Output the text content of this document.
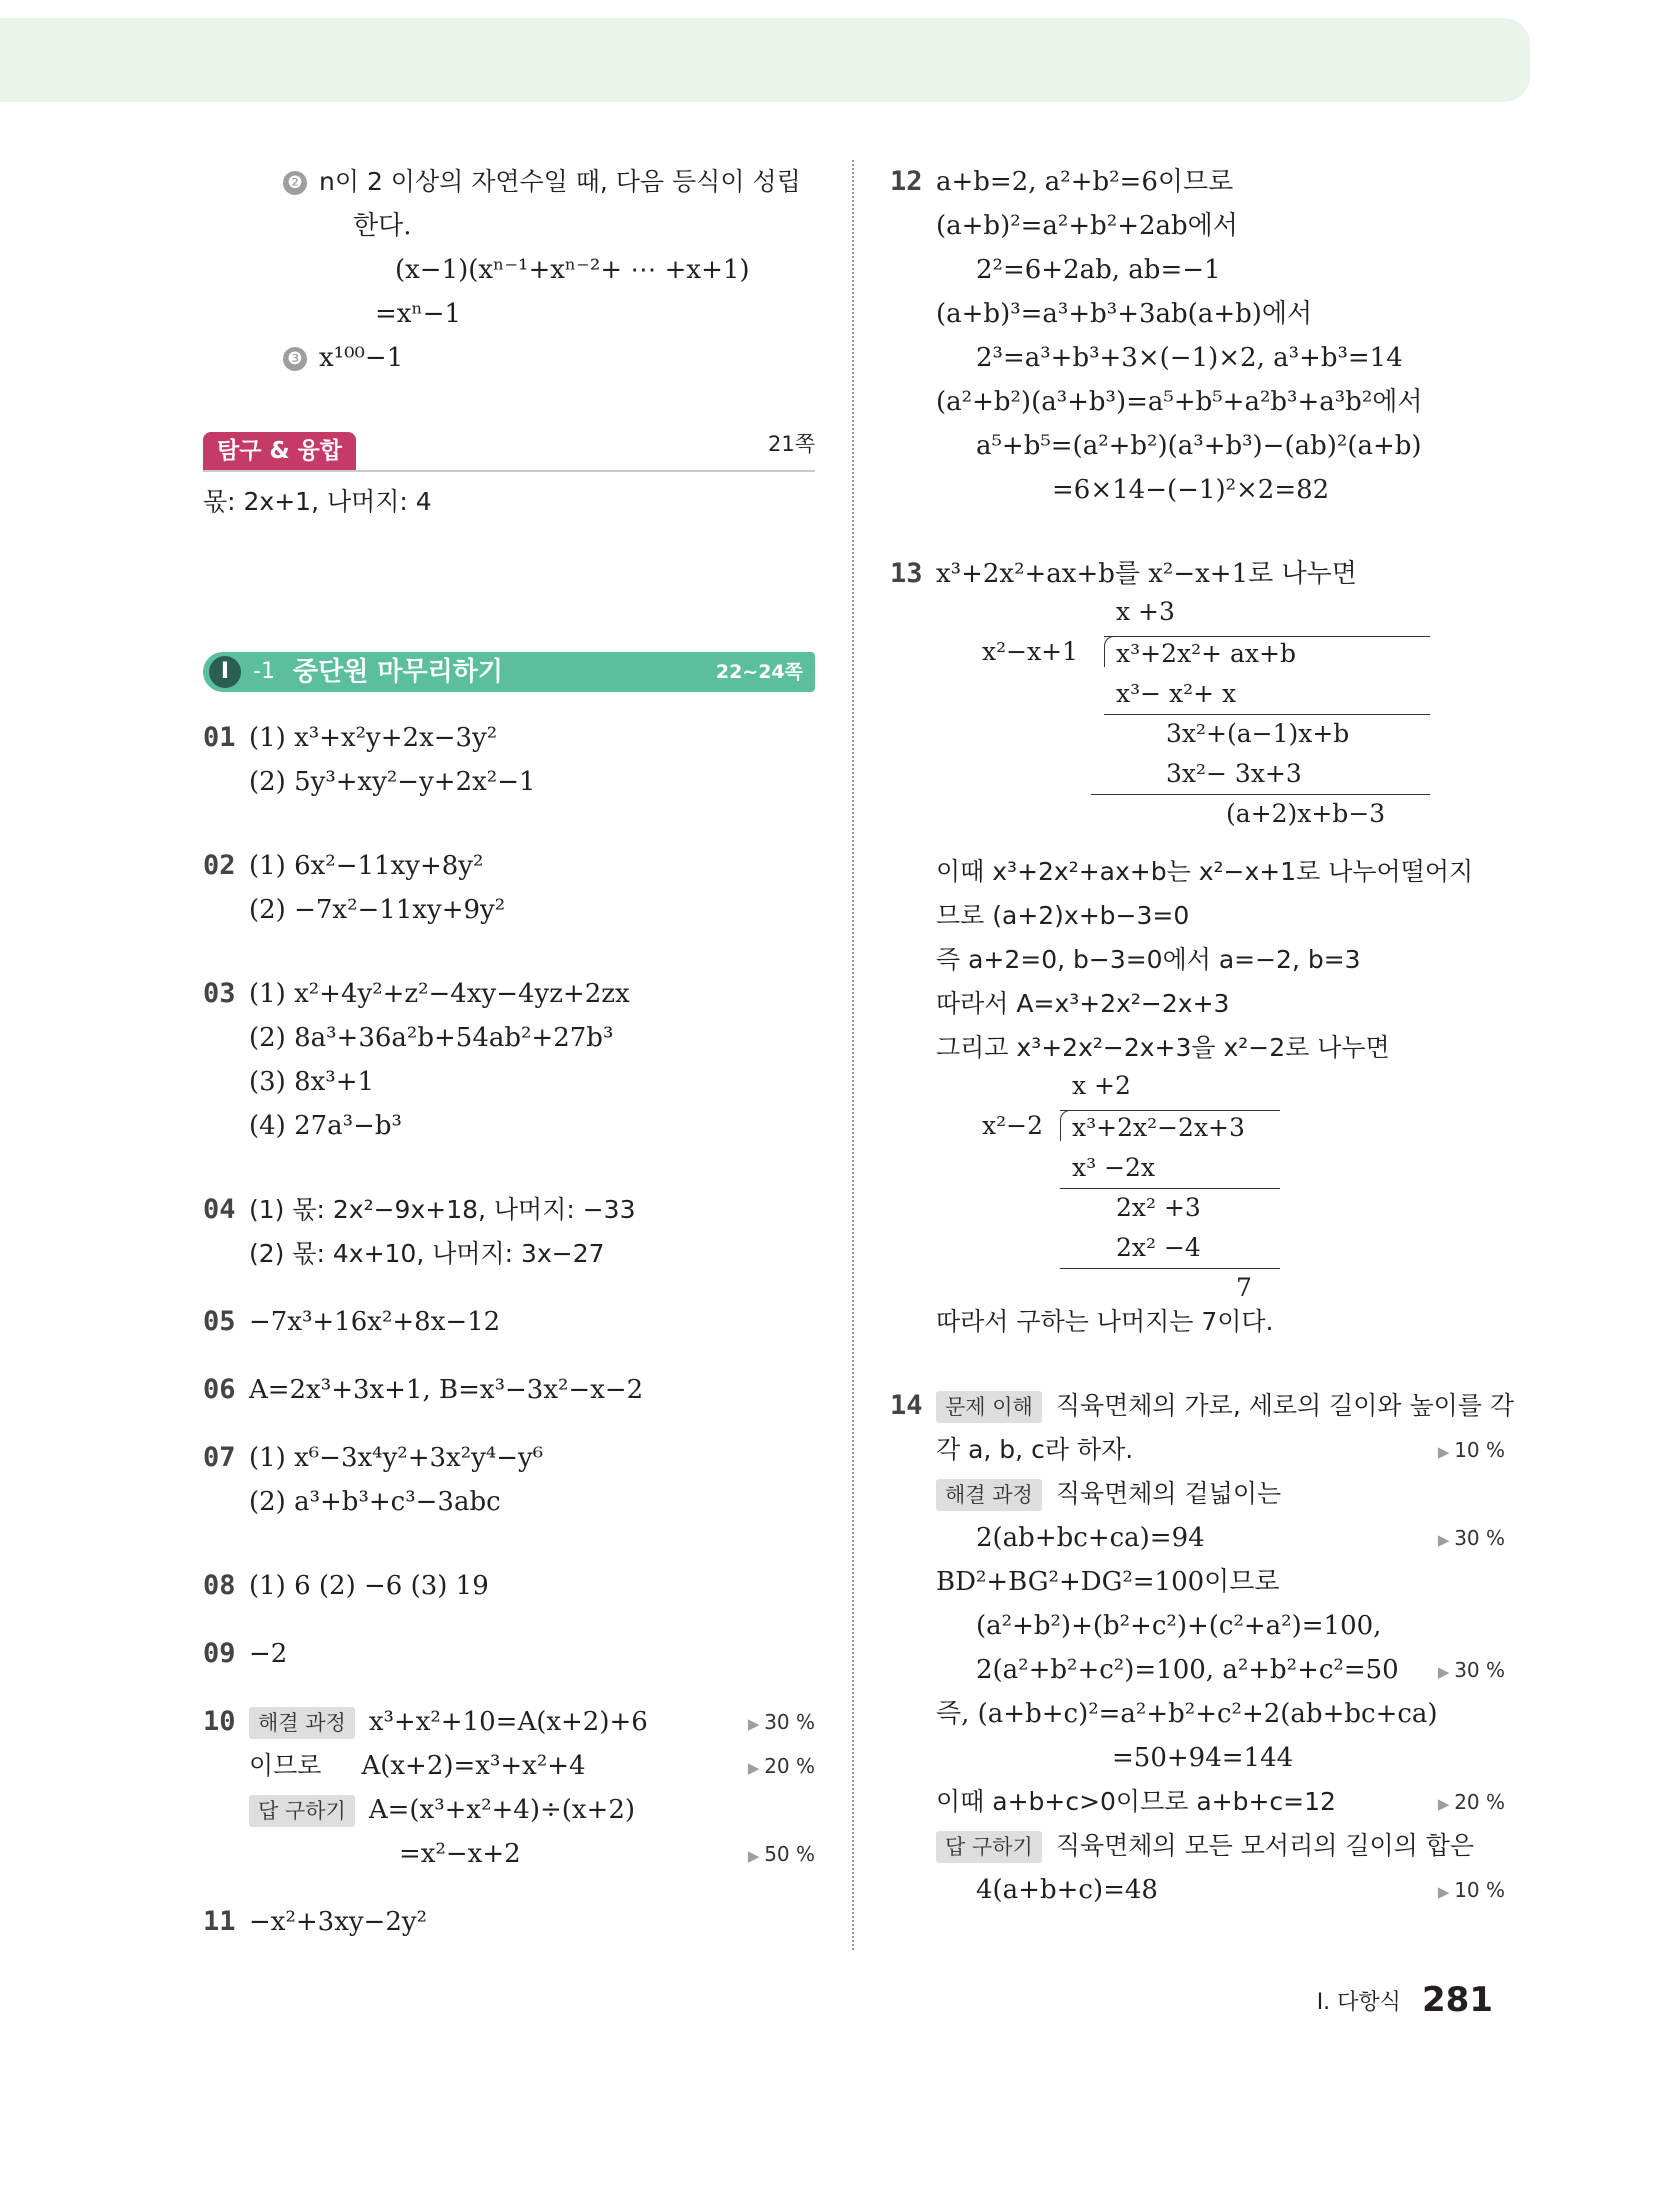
❷ n이 2 이상의 자연수일 때, 다음 등식이 성립
한다.
(x−1)(xⁿ⁻¹+xⁿ⁻²+ ⋯ +x+1)
=xⁿ−1
❸ x¹⁰⁰−1
탐구 & 융합	21쪽
몫: 2x+1, 나머지: 4
I	-1 중단원 마무리하기	22~24쪽
01 (1) x³+x²y+2x−3y²
(2) 5y³+xy²−y+2x²−1
02 (1) 6x²−11xy+8y²
(2) −7x²−11xy+9y²
03 (1) x²+4y²+z²−4xy−4yz+2zx
(2) 8a³+36a²b+54ab²+27b³
(3) 8x³+1
(4) 27a³−b³
04 (1) 몫: 2x²−9x+18, 나머지: −33
(2) 몫: 4x+10, 나머지: 3x−27
05 −7x³+16x²+8x−12
06 A=2x³+3x+1, B=x³−3x²−x−2
07 (1) x⁶−3x⁴y²+3x²y⁴−y⁶
(2) a³+b³+c³−3abc
08 (1) 6 (2) −6 (3) 19
09 −2
10	해결 과정 x³+x²+10=A(x+2)+6	▶ 30 %
이므로 A(x+2)=x³+x²+4	▶ 20 %
답 구하기 A=(x³+x²+4)÷(x+2)
=x²−x+2	▶ 50 %
11 −x²+3xy−2y²
12 a+b=2, a²+b²=6이므로
(a+b)²=a²+b²+2ab에서
2²=6+2ab, ab=−1
(a+b)³=a³+b³+3ab(a+b)에서
2³=a³+b³+3×(−1)×2, a³+b³=14
(a²+b²)(a³+b³)=a⁵+b⁵+a²b³+a³b²에서
a⁵+b⁵=(a²+b²)(a³+b³)−(ab)²(a+b)
=6×14−(−1)²×2=82
13 x³+2x²+ax+b를 x²−x+1로 나누면
x +3
x²−x+1 x³+2x²+ ax+b
x³− x²+ x
3x²+(a−1)x+b
3x²− 3x+3
(a+2)x+b−3
이때 x³+2x²+ax+b는 x²−x+1로 나누어떨어지
므로 (a+2)x+b−3=0
즉 a+2=0, b−3=0에서 a=−2, b=3
따라서 A=x³+2x²−2x+3
그리고 x³+2x²−2x+3을 x²−2로 나누면
x +2
x²−2 x³+2x²−2x+3
x³ −2x
2x² +3
2x² −4
7
따라서 구하는 나머지는 7이다.
14	문제 이해 직육면체의 가로, 세로의 길이와 높이를 각
각 a, b, c라 하자.	▶ 10 %
해결 과정 직육면체의 겉넓이는
2(ab+bc+ca)=94	▶ 30 %
BD²+BG²+DG²=100이므로
(a²+b²)+(b²+c²)+(c²+a²)=100,
2(a²+b²+c²)=100, a²+b²+c²=50	▶ 30 %
즉, (a+b+c)²=a²+b²+c²+2(ab+bc+ca)
=50+94=144
이때 a+b+c>0이므로 a+b+c=12	▶ 20 %
답 구하기 직육면체의 모든 모서리의 길이의 합은
4(a+b+c)=48	▶ 10 %
I. 다항식 281
